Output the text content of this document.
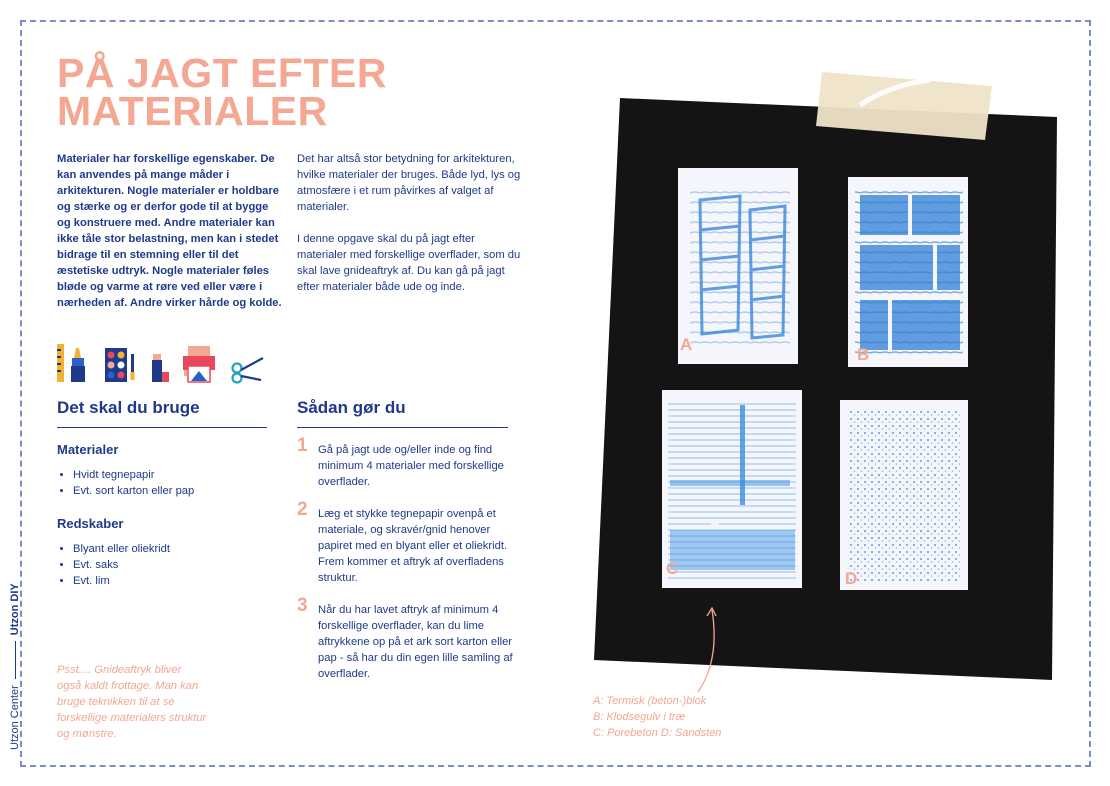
Utzon Center
Utzon DIY
PÅ JAGT EFTER
MATERIALER

Materialer har forskellige egenskaber. De kan anvendes på mange måder i arkitekturen. Nogle materialer er holdbare og stærke og er derfor gode til at bygge og konstruere med. Andre materialer kan ikke tåle stor belastning, men kan i stedet bidrage til en stemning eller til det æstetiske udtryk. Nogle materialer føles bløde og varme at røre ved eller være i nærheden af. Andre virker hårde og kolde.

Det har altså stor betydning for arkitekturen, hvilke materialer der bruges. Både lyd, lys og atmosfære i et rum påvirkes af valget af materialer.

I denne opgave skal du på jagt efter materialer med forskellige overflader, som du skal lave gnideaftryk af. Du kan gå på jagt efter materialer både ude og inde.

Det skal du bruge
Materialer
• Hvidt tegnepapir
• Evt. sort karton eller pap
Redskaber
• Blyant eller oliekridt
• Evt. saks
• Evt. lim
Sådan gør du
1 Gå på jagt ude og/eller inde og find minimum 4 materialer med forskellige overflader.
2 Læg et stykke tegnepapir ovenpå et materiale, og skravér/gnid henover papiret med en blyant eller et oliekridt. Frem kommer et aftryk af overfladens struktur.
3 Når du har lavet aftryk af minimum 4 forskellige overflader, kan du lime aftrykkene op på et ark sort karton eller pap - så har du din egen lille samling af overflader.

Psst.... Gnideaftryk bliver også kaldt frottage. Man kan bruge teknikken til at se forskellige materialers struktur og mønstre.

A
B
C
D
A: Termisk (beton-)blok
B: Klodsegulv i træ
C: Porebeton D: Sandsten
